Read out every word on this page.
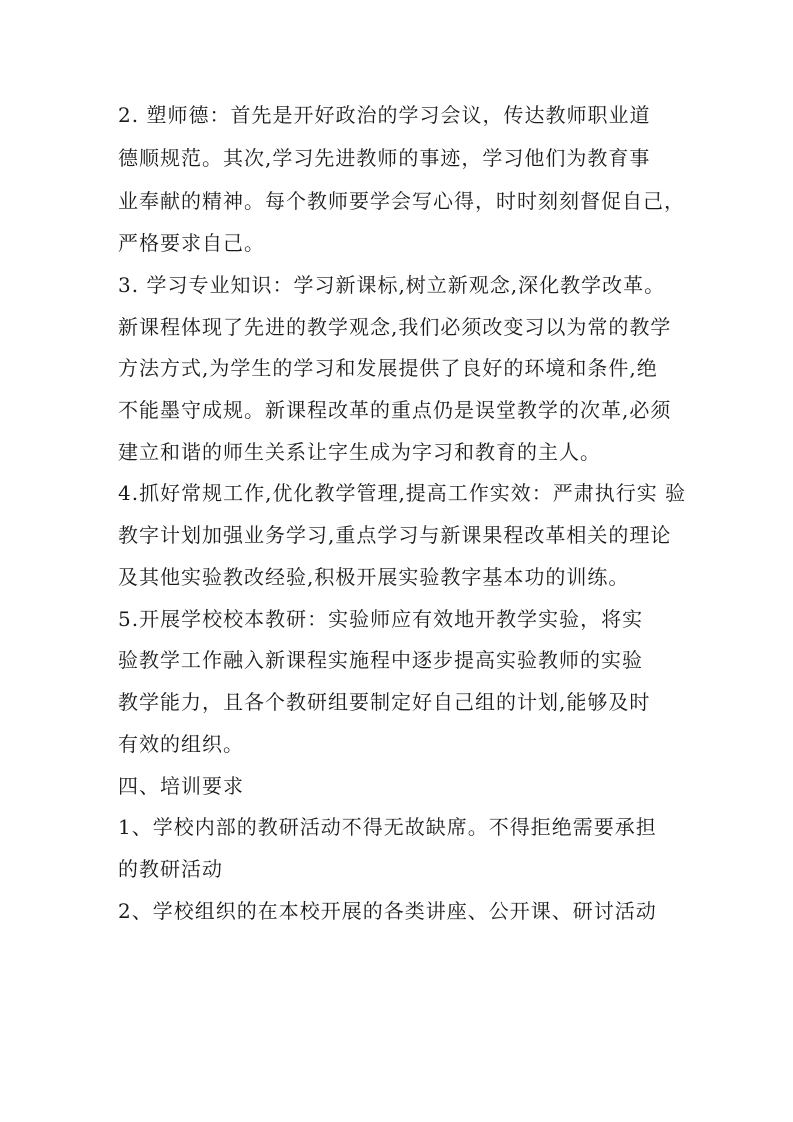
2. 塑师德：首先是开好政治的学习会议，传达教师职业道
德顺规范。其次,学习先进教师的事迹，学习他们为教育事
业奉献的精神。每个教师要学会写心得，时时刻刻督促自己，
严格要求自己。
3. 学习专业知识：学习新课标,树立新观念,深化教学改革。
新课程体现了先进的教学观念,我们必须改变习以为常的教学
方法方式,为学生的学习和发展提供了良好的环境和条件,绝
不能墨守成规。新课程改革的重点仍是误堂教学的次革,必须
建立和谐的师生关系让字生成为字习和教育的主人。
4.抓好常规工作,优化教学管理,提高工作实效：严肃执行实 验
教字计划加强业务学习,重点学习与新课果程改革相关的理论
及其他实验教改经验,积极开展实验教字基本功的训练。
5.开展学校校本教研：实验师应有效地开教学实验，将实
验教学工作融入新课程实施程中逐步提高实验教师的实验
教学能力，且各个教研组要制定好自己组的计划,能够及时
有效的组织。
四、培训要求
1、学校内部的教研活动不得无故缺席。不得拒绝需要承担
的教研活动
2、学校组织的在本校开展的各类讲座、公开课、研讨活动
